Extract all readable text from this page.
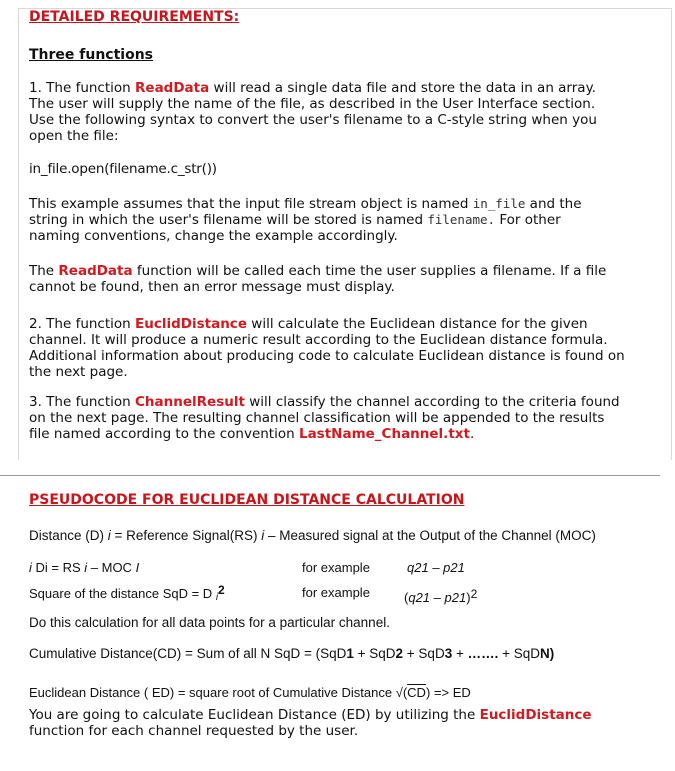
DETAILED REQUIREMENTS:
Three functions
1. The function ReadData will read a single data file and store the data in an array.
The user will supply the name of the file, as described in the User Interface section.
Use the following syntax to convert the user's filename to a C-style string when you
open the file:
in_file.open(filename.c_str())
This example assumes that the input file stream object is named in_file and the
string in which the user's filename will be stored is named filename. For other
naming conventions, change the example accordingly.
The ReadData function will be called each time the user supplies a filename. If a file
cannot be found, then an error message must display.
2. The function EuclidDistance will calculate the Euclidean distance for the given
channel. It will produce a numeric result according to the Euclidean distance formula.
Additional information about producing code to calculate Euclidean distance is found on
the next page.
3. The function ChannelResult will classify the channel according to the criteria found
on the next page. The resulting channel classification will be appended to the results
file named according to the convention LastName_Channel.txt.
PSEUDOCODE FOR EUCLIDEAN DISTANCE CALCULATION
Distance (D) i = Reference Signal(RS) i – Measured signal at the Output of the Channel (MOC)
i Di = RS i – MOC I	for example	q21 – p21
Square of the distance SqD = D i2	for example	(q21 – p21)2
Do this calculation for all data points for a particular channel.
Cumulative Distance(CD) = Sum of all N SqD = (SqD1 + SqD2 + SqD3 + ……. + SqDN)
Euclidean Distance ( ED) = square root of Cumulative Distance $√(\overline{CD})$ => ED
You are going to calculate Euclidean Distance (ED) by utilizing the EuclidDistance
function for each channel requested by the user.
